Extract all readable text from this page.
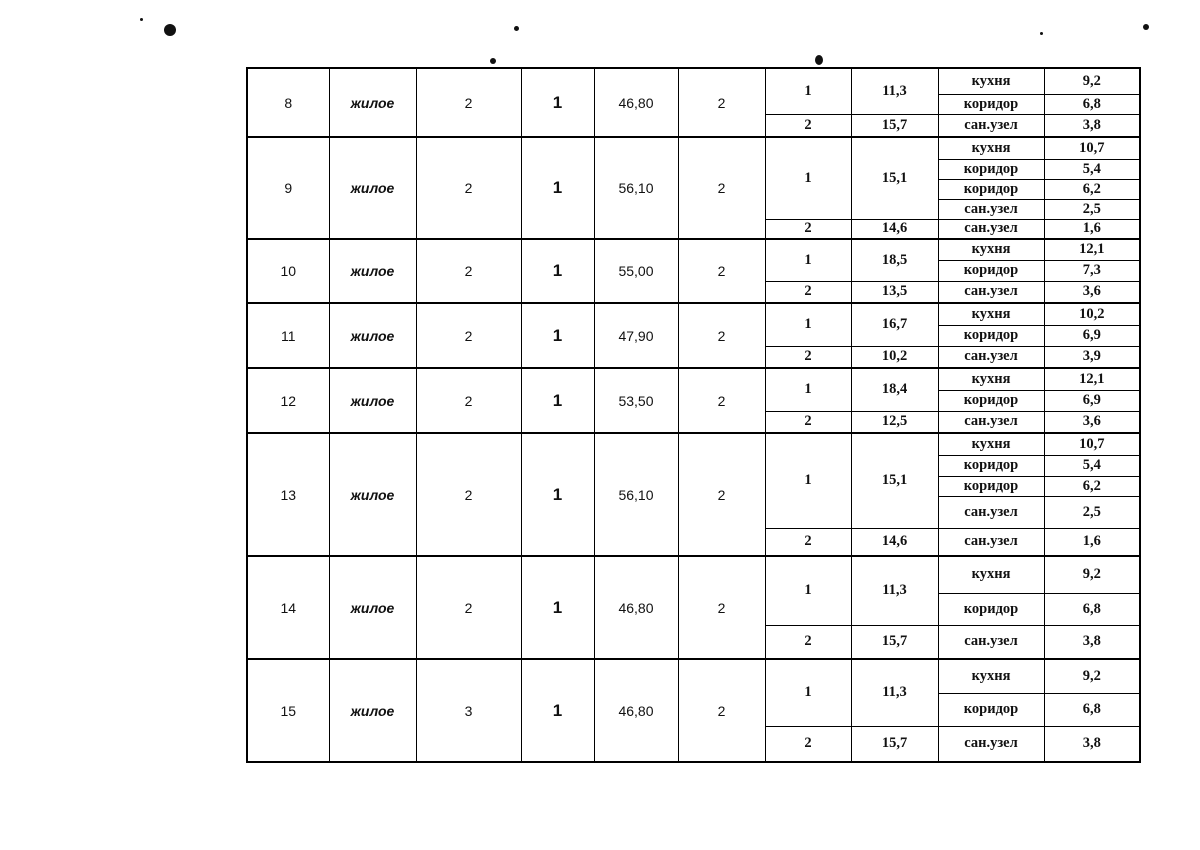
8	жилое	2	1	46,80	2	1	11,3	кухня	9,2
								коридор	6,8
						2	15,7	сан.узел	3,8
9	жилое	2	1	56,10	2	1	15,1	кухня	10,7
								коридор	5,4
								коридор	6,2
								сан.узел	2,5
						2	14,6	сан.узел	1,6
10	жилое	2	1	55,00	2	1	18,5	кухня	12,1
								коридор	7,3
						2	13,5	сан.узел	3,6
11	жилое	2	1	47,90	2	1	16,7	кухня	10,2
								коридор	6,9
						2	10,2	сан.узел	3,9
12	жилое	2	1	53,50	2	1	18,4	кухня	12,1
								коридор	6,9
						2	12,5	сан.узел	3,6
13	жилое	2	1	56,10	2	1	15,1	кухня	10,7
								коридор	5,4
								коридор	6,2
								сан.узел	2,5
						2	14,6	сан.узел	1,6
14	жилое	2	1	46,80	2	1	11,3	кухня	9,2
								коридор	6,8
						2	15,7	сан.узел	3,8
15	жилое	3	1	46,80	2	1	11,3	кухня	9,2
								коридор	6,8
						2	15,7	сан.узел	3,8
